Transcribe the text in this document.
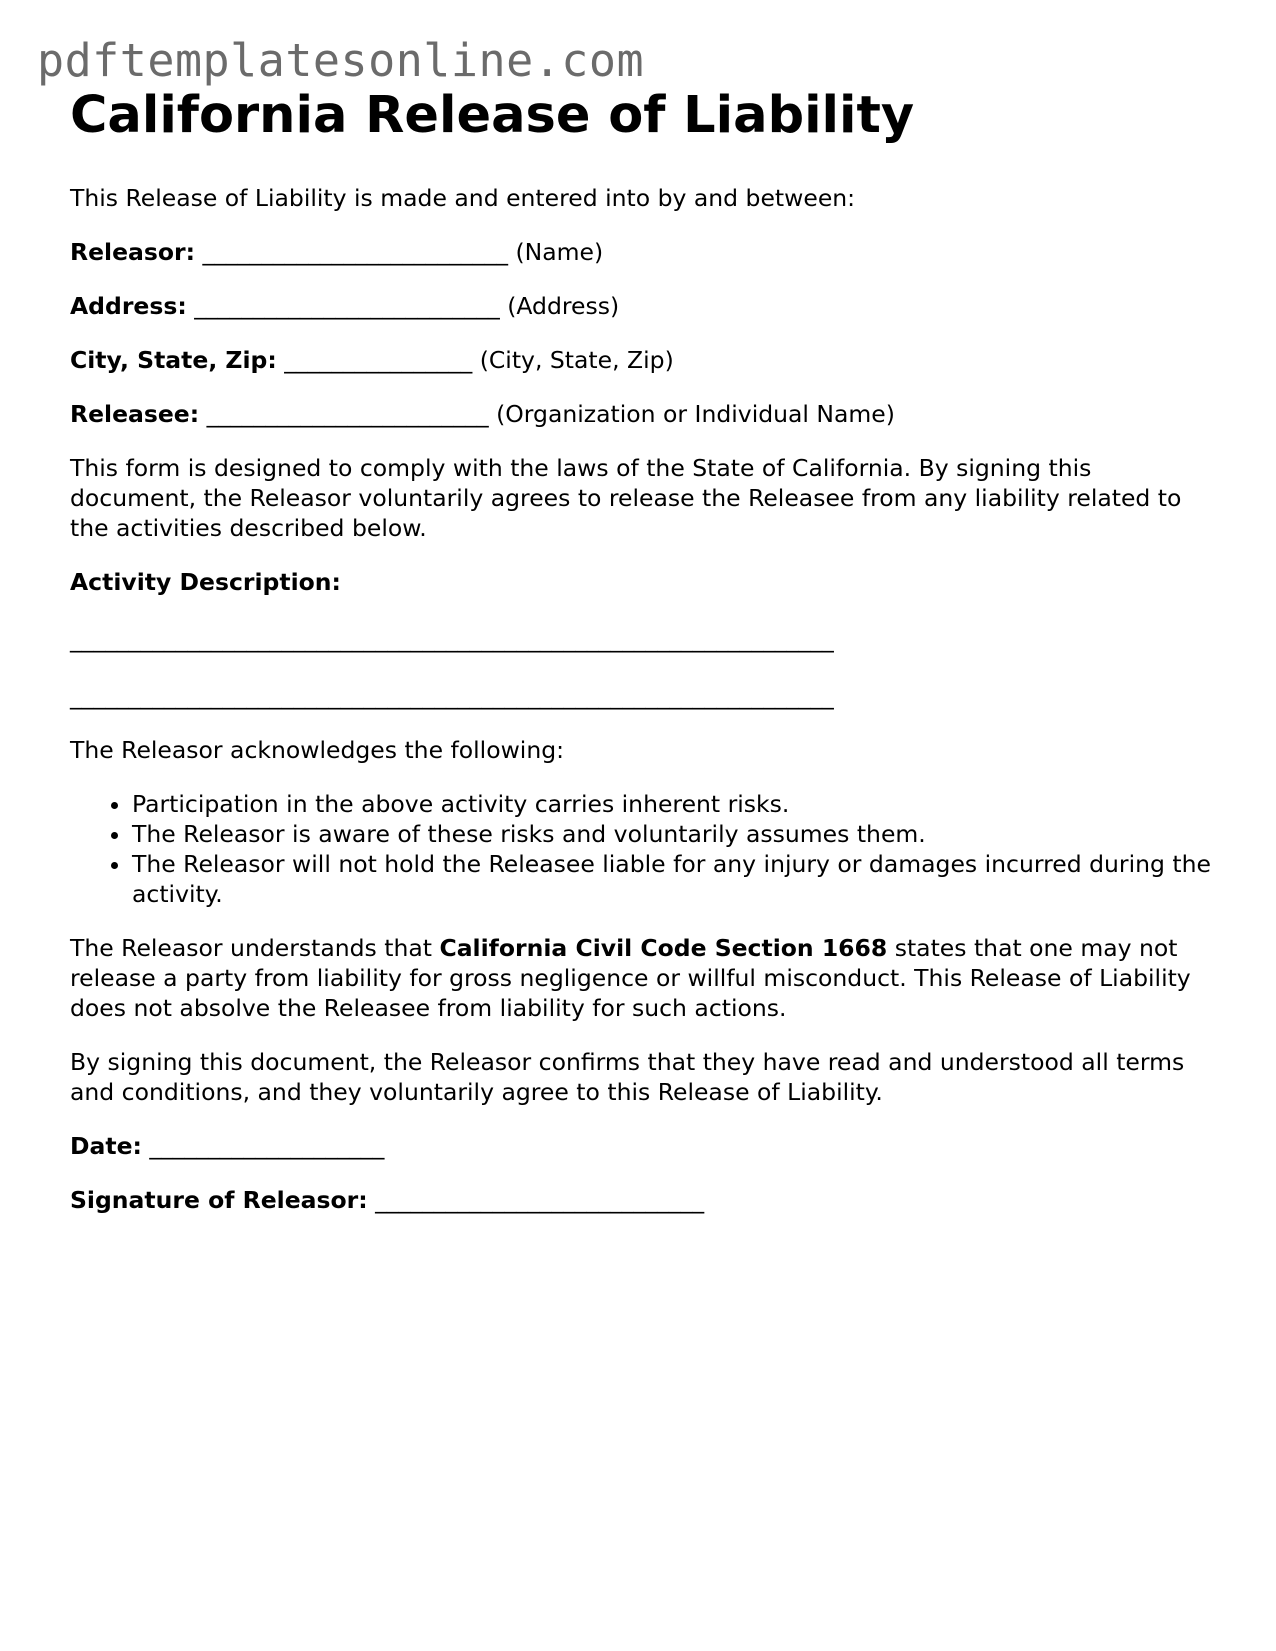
pdftemplatesonline.com
California Release of Liability

This Release of Liability is made and entered into by and between:

Releasor: __________________________ (Name)

Address: __________________________ (Address)

City, State, Zip: ________________ (City, State, Zip)

Releasee: ________________________ (Organization or Individual Name)

This form is designed to comply with the laws of the State of California. By signing this document, the Releasor voluntarily agrees to release the Releasee from any liability related to the activities described below.

Activity Description:
_________________________________________________________________
_________________________________________________________________

The Releasor acknowledges the following:

• Participation in the above activity carries inherent risks.
• The Releasor is aware of these risks and voluntarily assumes them.
• The Releasor will not hold the Releasee liable for any injury or damages incurred during the activity.

The Releasor understands that California Civil Code Section 1668 states that one may not release a party from liability for gross negligence or willful misconduct. This Release of Liability does not absolve the Releasee from liability for such actions.

By signing this document, the Releasor confirms that they have read and understood all terms and conditions, and they voluntarily agree to this Release of Liability.

Date: ____________________

Signature of Releasor: ____________________________
